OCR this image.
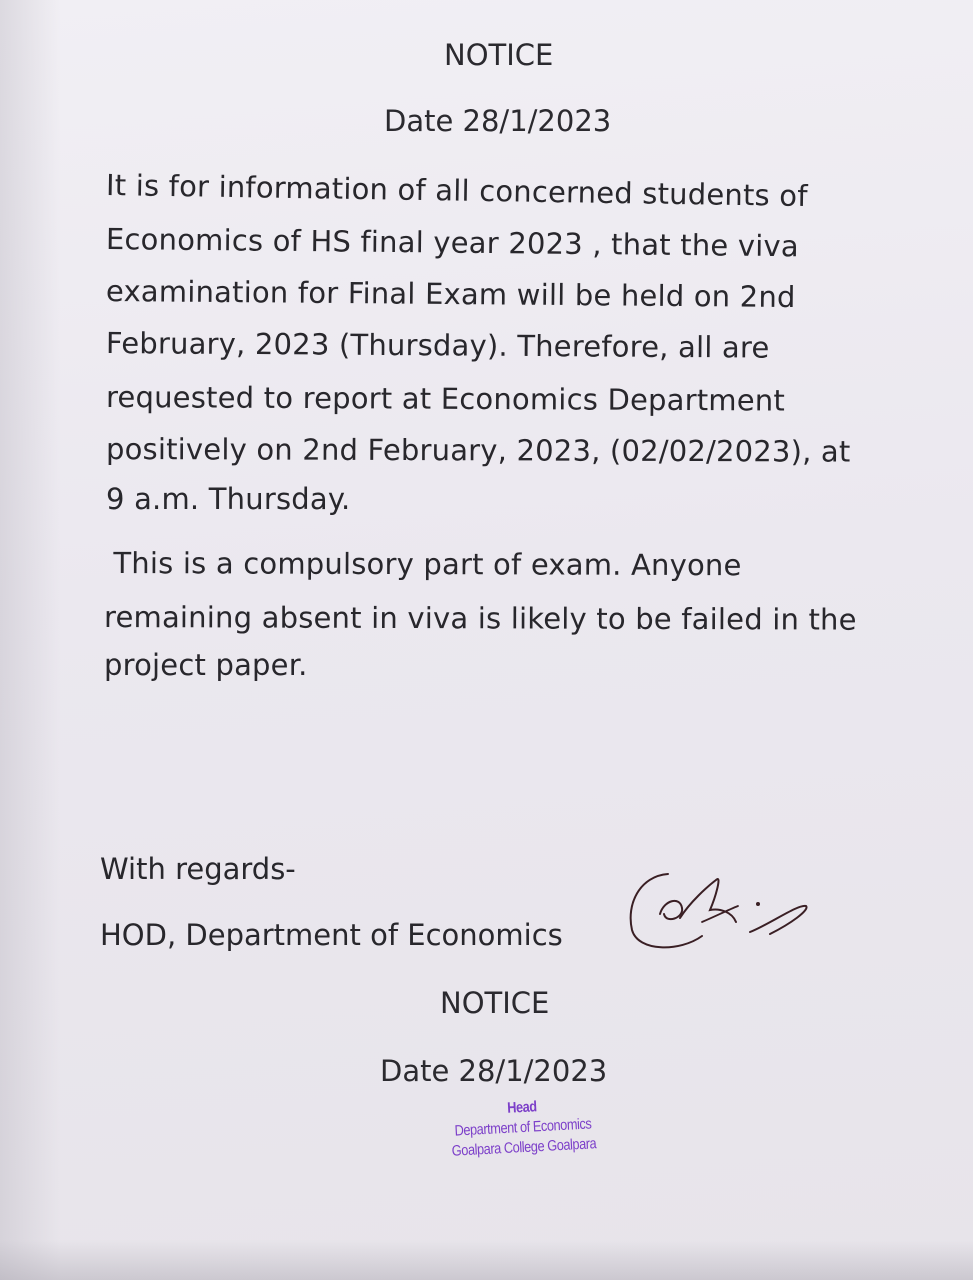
NOTICE
Date 28/1/2023
It is for information of all concerned students of
Economics of HS final year 2023 , that the viva
examination for Final Exam will be held on 2nd
February, 2023 (Thursday). Therefore, all are
requested to report at Economics Department
positively on 2nd February, 2023, (02/02/2023), at
9 a.m. Thursday.
This is a compulsory part of exam. Anyone
remaining absent in viva is likely to be failed in the
project paper.
With regards-
HOD, Department of Economics
NOTICE
Date 28/1/2023
Head
Department of Economics
Goalpara College Goalpara
